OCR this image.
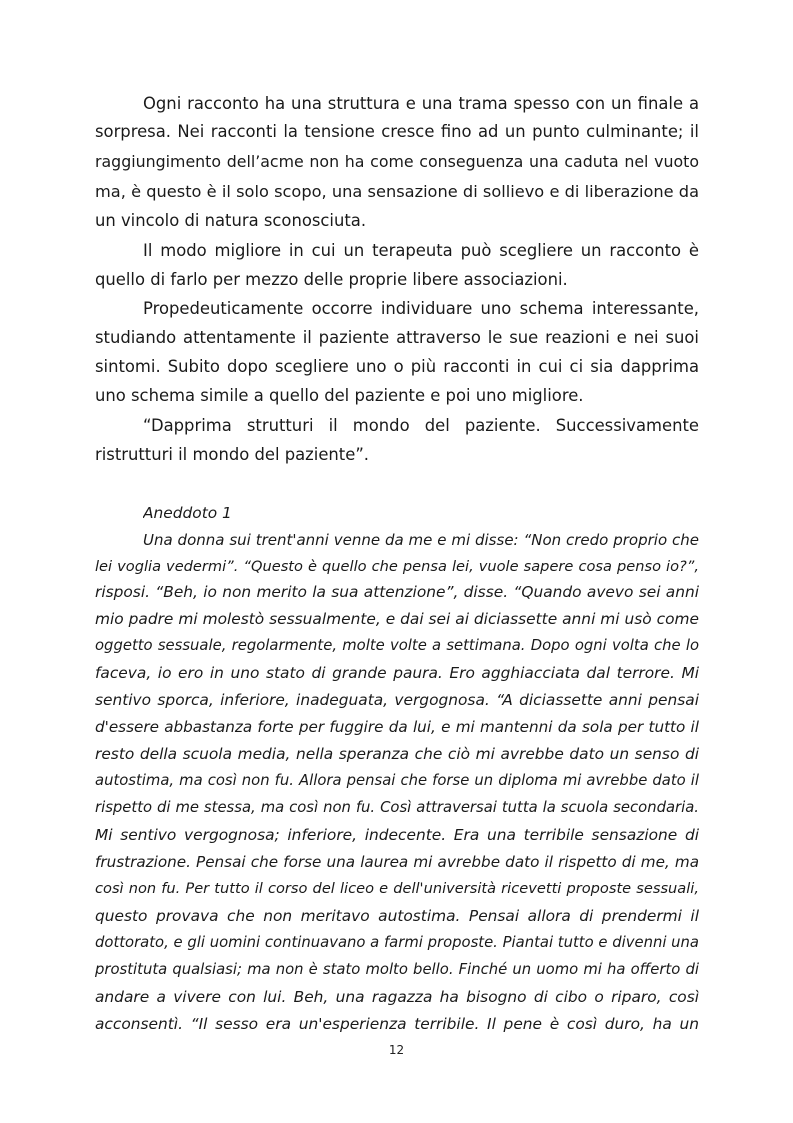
Ogni racconto ha una struttura e una trama spesso con un finale a
sorpresa. Nei racconti la tensione cresce fino ad un punto culminante; il
raggiungimento dell’acme non ha come conseguenza una caduta nel vuoto
ma, è questo è il solo scopo, una sensazione di sollievo e di liberazione da
un vincolo di natura sconosciuta.
Il modo migliore in cui un terapeuta può scegliere un racconto è
quello di farlo per mezzo delle proprie libere associazioni.
Propedeuticamente occorre individuare uno schema interessante,
studiando attentamente il paziente attraverso le sue reazioni e nei suoi
sintomi. Subito dopo scegliere uno o più racconti in cui ci sia dapprima
uno schema simile a quello del paziente e poi uno migliore.
“Dapprima strutturi il mondo del paziente. Successivamente
ristrutturi il mondo del paziente”.
Aneddoto 1
Una donna sui trent'anni venne da me e mi disse: “Non credo proprio che
lei voglia vedermi”. “Questo è quello che pensa lei, vuole sapere cosa penso io?”,
risposi. “Beh, io non merito la sua attenzione”, disse. “Quando avevo sei anni
mio padre mi molestò sessualmente, e dai sei ai diciassette anni mi usò come
oggetto sessuale, regolarmente, molte volte a settimana. Dopo ogni volta che lo
faceva, io ero in uno stato di grande paura. Ero agghiacciata dal terrore. Mi
sentivo sporca, inferiore, inadeguata, vergognosa. “A diciassette anni pensai
d'essere abbastanza forte per fuggire da lui, e mi mantenni da sola per tutto il
resto della scuola media, nella speranza che ciò mi avrebbe dato un senso di
autostima, ma così non fu. Allora pensai che forse un diploma mi avrebbe dato il
rispetto di me stessa, ma così non fu. Così attraversai tutta la scuola secondaria.
Mi sentivo vergognosa; inferiore, indecente. Era una terribile sensazione di
frustrazione. Pensai che forse una laurea mi avrebbe dato il rispetto di me, ma
così non fu. Per tutto il corso del liceo e dell'università ricevetti proposte sessuali,
questo provava che non meritavo autostima. Pensai allora di prendermi il
dottorato, e gli uomini continuavano a farmi proposte. Piantai tutto e divenni una
prostituta qualsiasi; ma non è stato molto bello. Finché un uomo mi ha offerto di
andare a vivere con lui. Beh, una ragazza ha bisogno di cibo o riparo, così
acconsentì. “Il sesso era un'esperienza terribile. Il pene è così duro, ha un
12
